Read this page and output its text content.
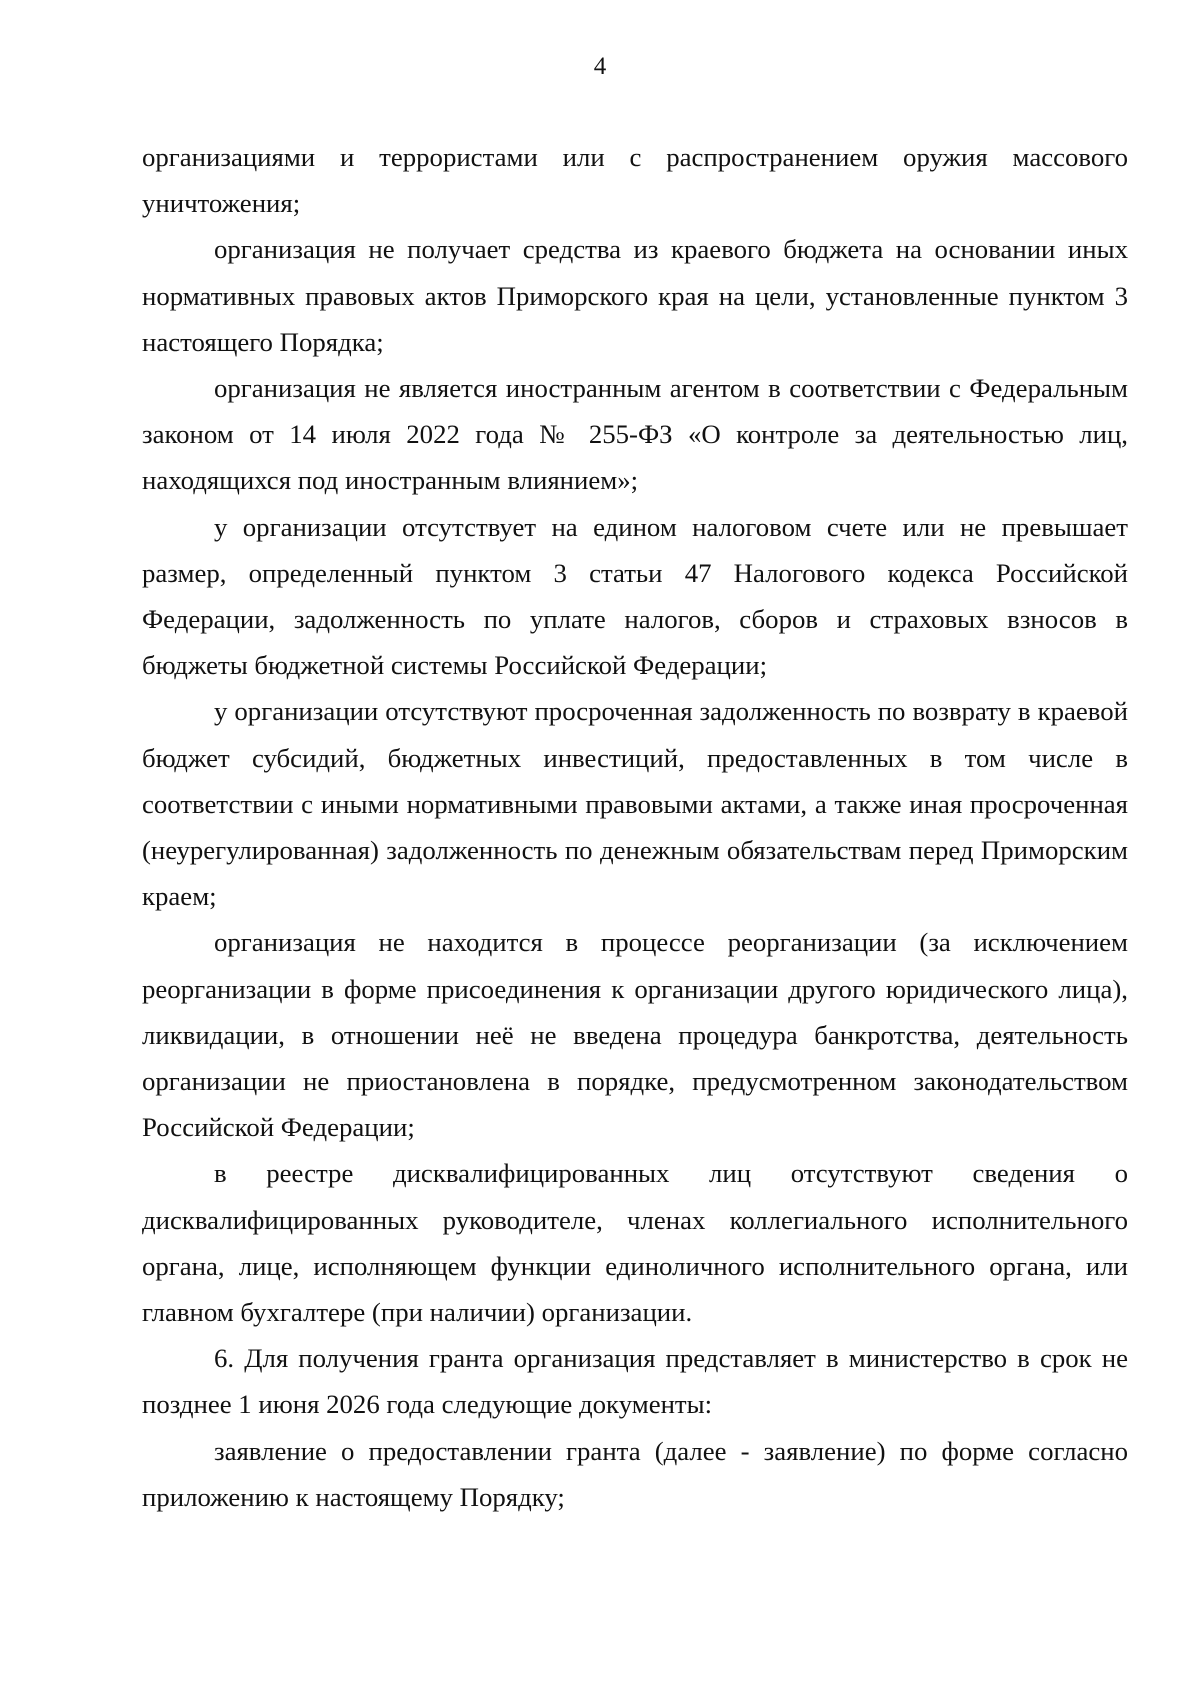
4

организациями и террористами или с распространением оружия массового уничтожения;

организация не получает средства из краевого бюджета на основании иных нормативных правовых актов Приморского края на цели, установленные пунктом 3 настоящего Порядка;

организация не является иностранным агентом в соответствии с Федеральным законом от 14 июля 2022 года № 255-ФЗ «О контроле за деятельностью лиц, находящихся под иностранным влиянием»;

у организации отсутствует на едином налоговом счете или не превышает размер, определенный пунктом 3 статьи 47 Налогового кодекса Российской Федерации, задолженность по уплате налогов, сборов и страховых взносов в бюджеты бюджетной системы Российской Федерации;

у организации отсутствуют просроченная задолженность по возврату в краевой бюджет субсидий, бюджетных инвестиций, предоставленных в том числе в соответствии с иными нормативными правовыми актами, а также иная просроченная (неурегулированная) задолженность по денежным обязательствам перед Приморским краем;

организация не находится в процессе реорганизации (за исключением реорганизации в форме присоединения к организации другого юридического лица), ликвидации, в отношении неё не введена процедура банкротства, деятельность организации не приостановлена в порядке, предусмотренном законодательством Российской Федерации;

в реестре дисквалифицированных лиц отсутствуют сведения о дисквалифицированных руководителе, членах коллегиального исполнительного органа, лице, исполняющем функции единоличного исполнительного органа, или главном бухгалтере (при наличии) организации.

6. Для получения гранта организация представляет в министерство в срок не позднее 1 июня 2026 года следующие документы:

заявление о предоставлении гранта (далее - заявление) по форме согласно приложению к настоящему Порядку;
